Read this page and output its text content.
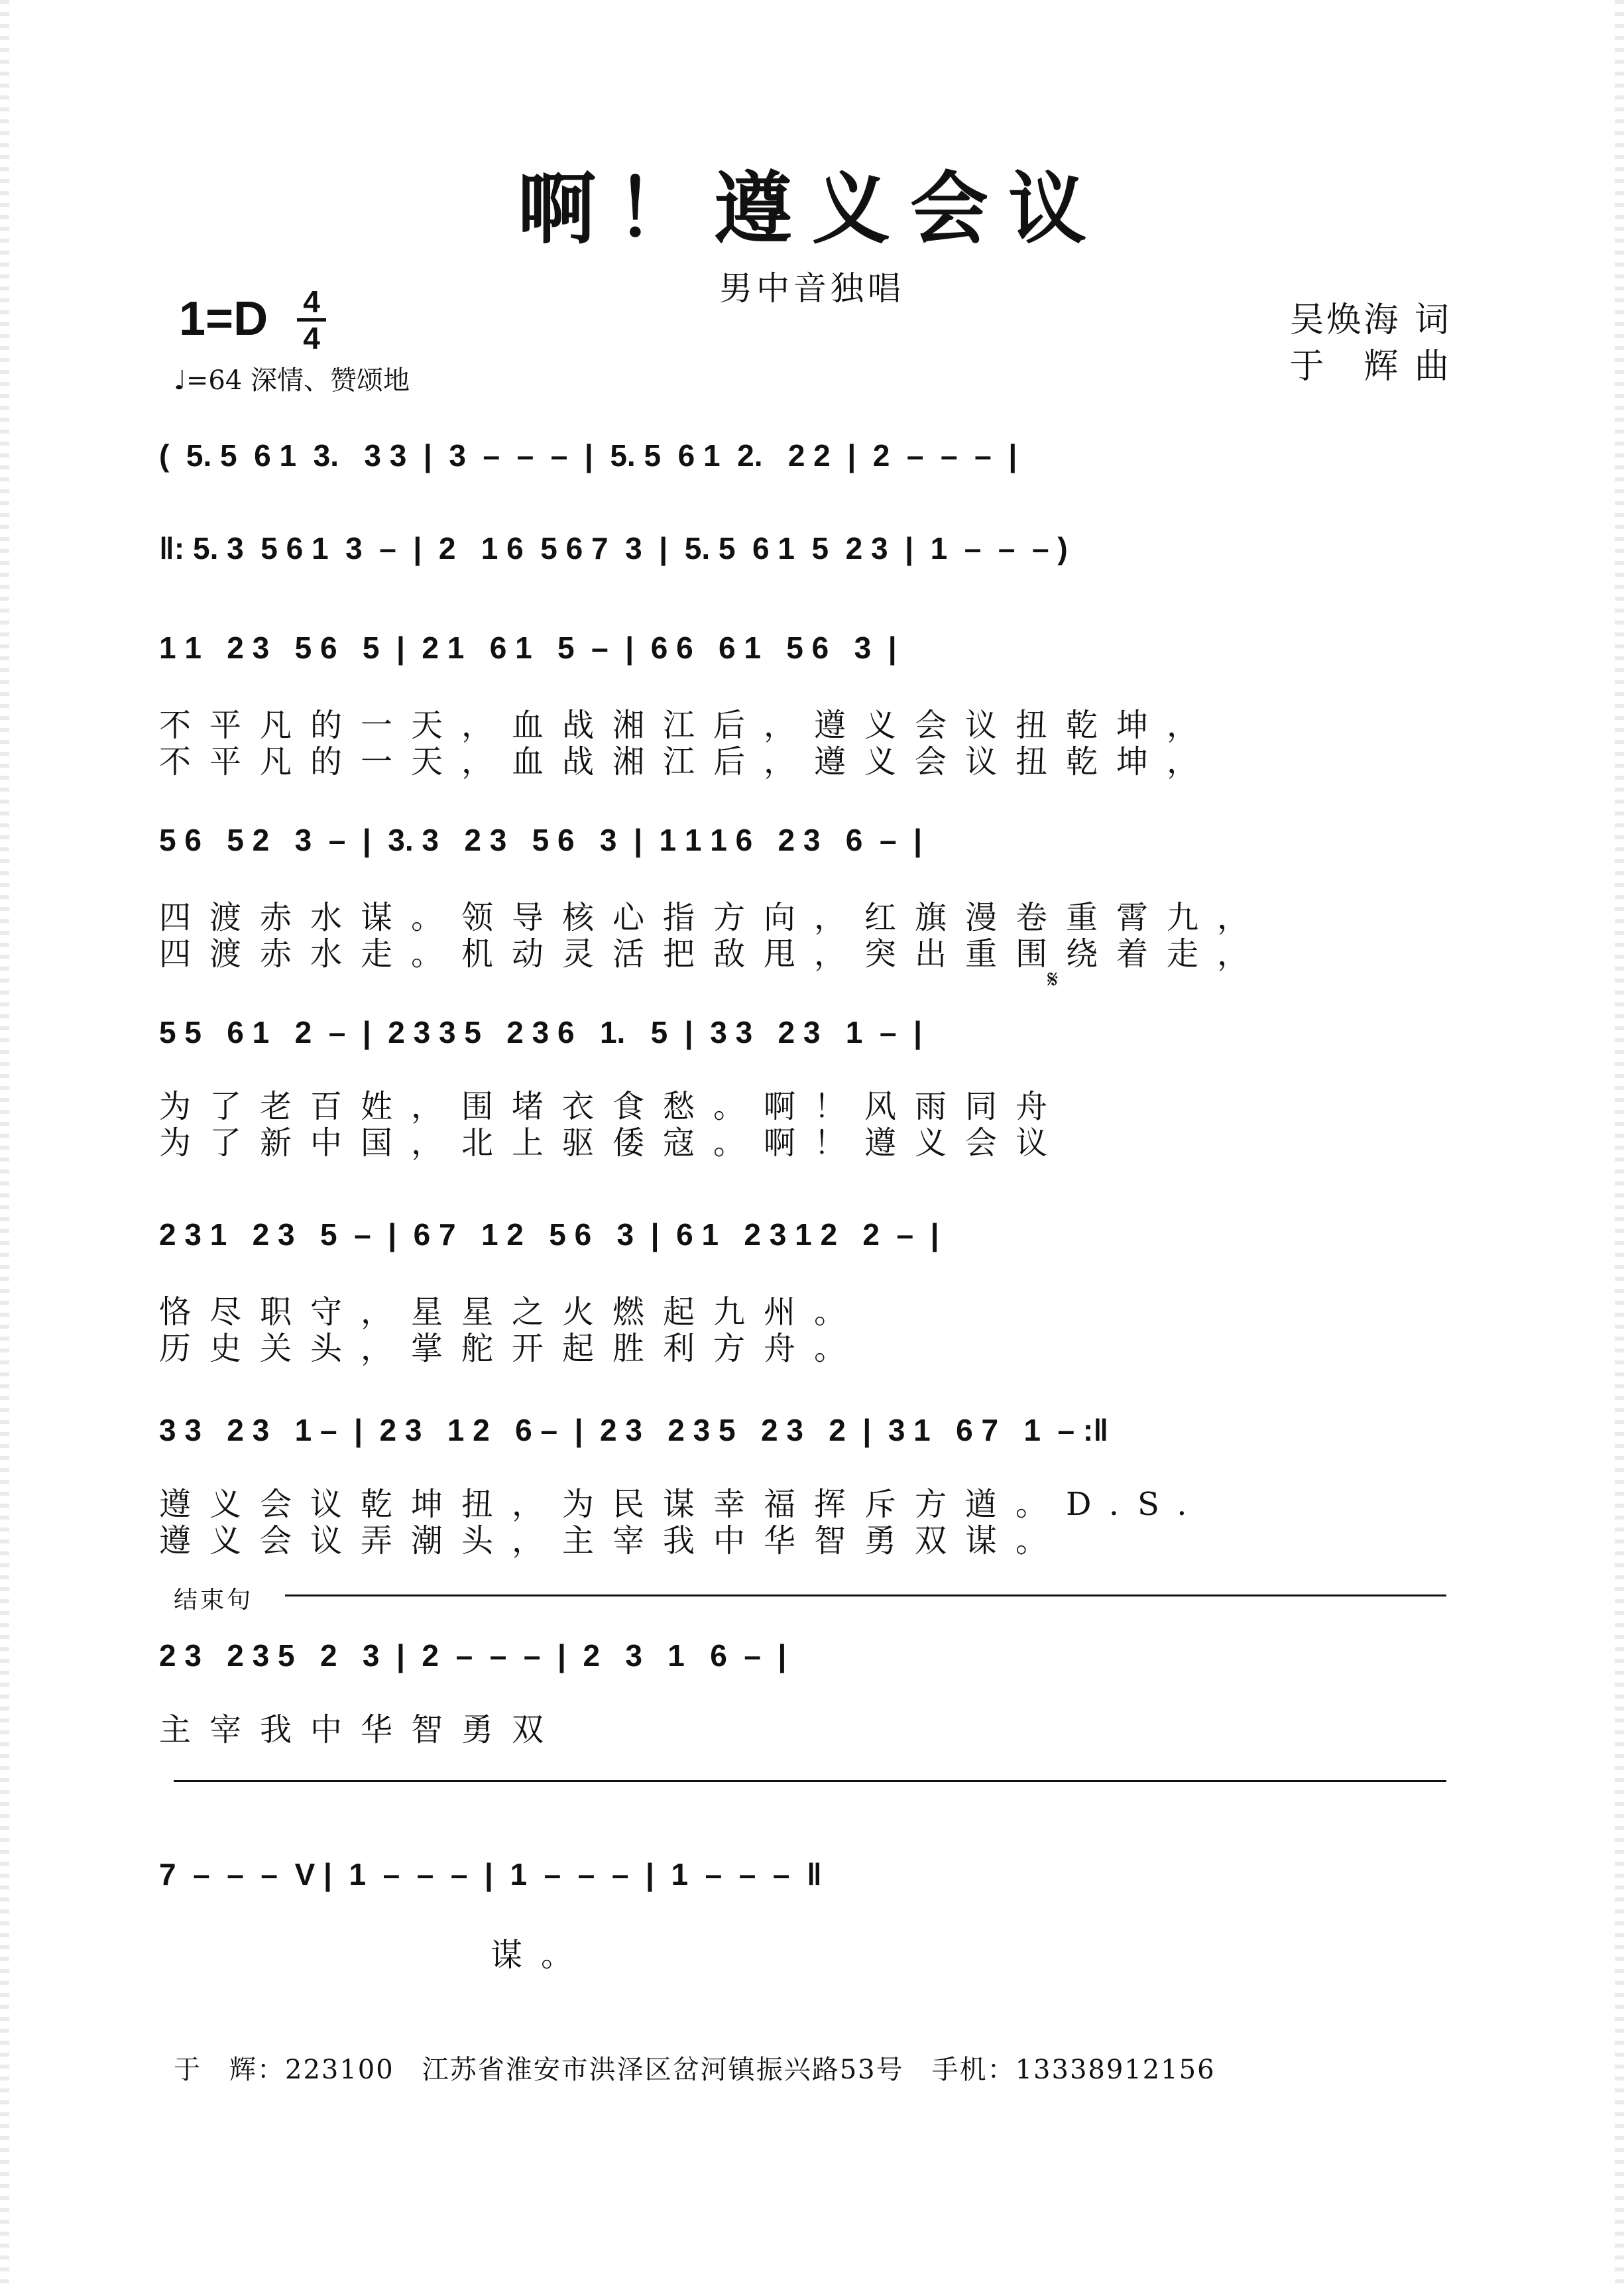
啊！遵义会议
男中音独唱
1=D 4
4
♩=64 深情、赞颂地
吴焕海 词
于　辉 曲
(  5. 5  6 1  3.   3 3  |  3  –  –  –  |  5. 5  6 1  2.   2 2  |  2  –  –  –  |
‖: 5. 3  5 6 1  3  –  |  2   1 6  5 6 7  3  |  5. 5  6 1  5  2 3  |  1  –  –  – )
1 1   2 3   5 6   5  |  2 1   6 1   5  –  |  6 6   6 1   5 6   3  |
不平凡的一天，血战湘江后，遵义会议扭乾坤，
不平凡的一天，血战湘江后，遵义会议扭乾坤，
5 6   5 2   3  –  |  3. 3   2 3   5 6   3  |  1 1 1 6   2 3   6  –  |
四渡赤水谋。领导核心指方向，红旗漫卷重霄九，
四渡赤水走。机动灵活把敌甩，突出重围绕着走，
𝄋
5 5   6 1   2  –  |  2 3 3 5   2 3 6   1.   5  |  3 3   2 3   1  –  |
为了老百姓，围堵衣食愁。啊！风雨同舟
为了新中国，北上驱倭寇。啊！遵义会议
2 3 1   2 3   5  –  |  6 7   1 2   5 6   3  |  6 1   2 3 1 2   2  –  |
恪尽职守，星星之火燃起九州。
历史关头，掌舵开起胜利方舟。
3 3   2 3   1 –  |  2 3   1 2   6 –  |  2 3   2 3 5   2 3   2  |  3 1   6 7   1  – :‖
遵义会议乾坤扭，为民谋幸福挥斥方遒。D.S.
遵义会议弄潮头，主宰我中华智勇双谋。
结束句
2 3   2 3 5   2   3  |  2  –  –  –  |  2   3   1   6  –  |
主宰我中华智勇双
7  –  –  –  V |  1  –  –  –  |  1  –  –  –  |  1  –  –  –  ‖
谋。
于　辉：223100　江苏省淮安市洪泽区岔河镇振兴路53号　手机：13338912156
